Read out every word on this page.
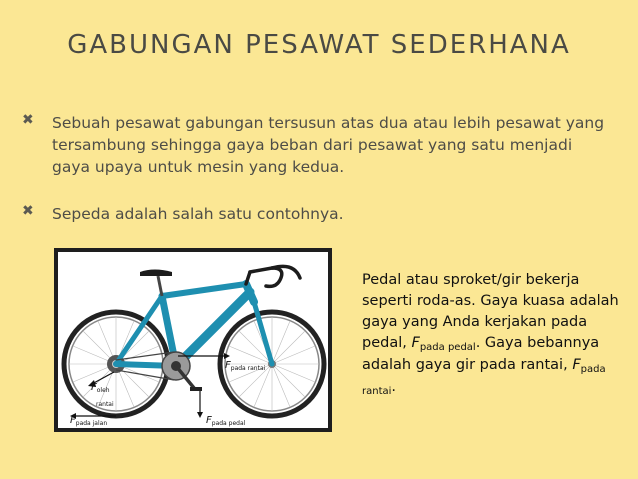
GABUNGAN PESAWAT SEDERHANA
✖ Sebuah pesawat gabungan tersusun atas dua atau lebih pesawat yang tersambung sehingga gaya beban dari pesawat yang satu menjadi gaya upaya untuk mesin yang kedua.
✖ Sepeda adalah salah satu contohnya.
$F_{pada rantai}$
$F_{oleh}$
rantai
$F_{pada jalan}$	$F_{pada pedal}$
Pedal atau sproket/gir bekerja seperti roda-as. Gaya kuasa adalah gaya yang Anda kerjakan pada pedal, $F_{pada pedal}$. Gaya bebannya adalah gaya gir pada rantai, $F_{pada rantai}$.
